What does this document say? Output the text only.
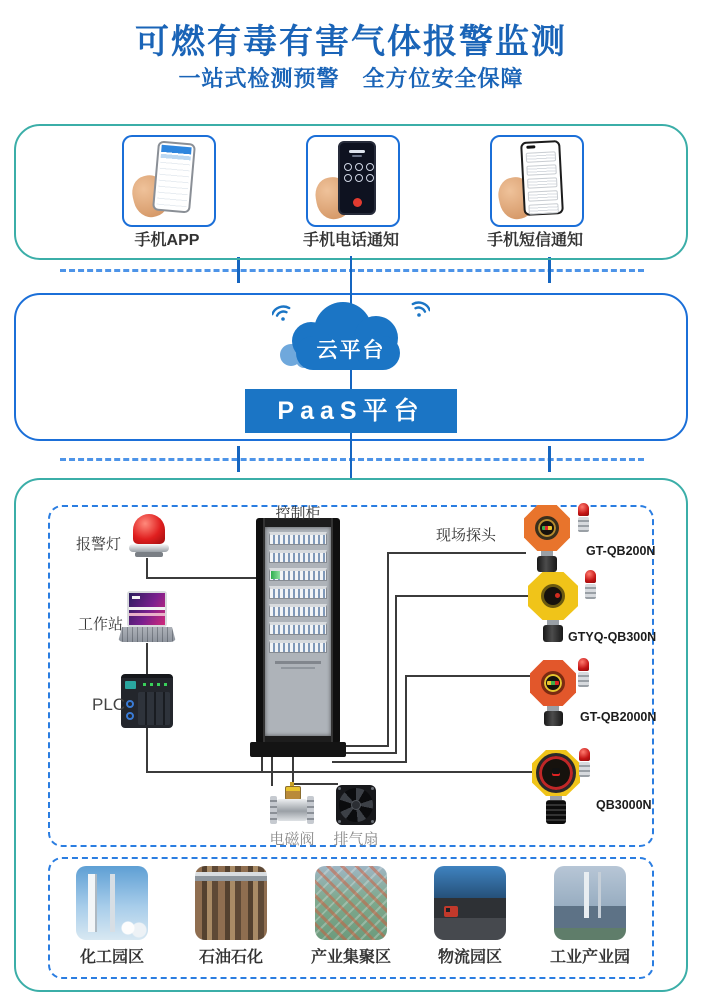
可燃有毒有害气体报警监测
一站式检测预警　全方位安全保障
手机APP	手机电话通知	手机短信通知
云平台
PaaS平台
报警灯
工作站
PLC
控制柜
电磁阀	排气扇
现场探头
GT-QB200N
GTYQ-QB300N
GT-QB2000N
QB3000N
化工园区	石油石化	产业集聚区	物流园区	工业产业园
